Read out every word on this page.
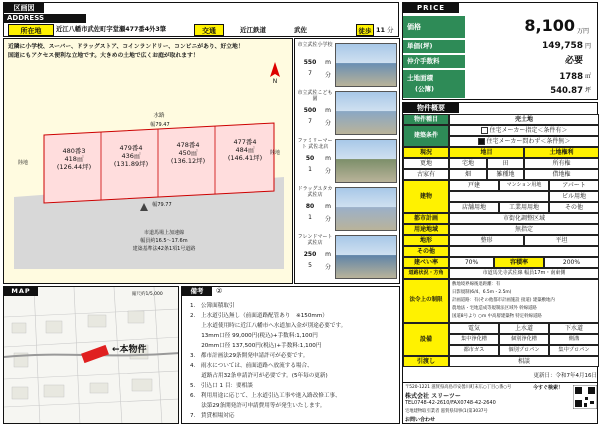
区画図
ADDRESS
所在地	近江八幡市武佐町字堂瀬477番4外3筆	交通	近江鉄道	武佐	徒歩 11 分
PRICE
価格	8,100 万円
単価(坪)	149,758 円
仲介手数料	必要
土地面積
(公簿)
1788 ㎡
540.87 坪
近隣に小学校、スーパー、ドラッグストア、コインランドリー、コンビニがあり、好立地！
国道にもアクセス便利な立地です。大きめの土地で広くお庭が取れます！
N
水路
幅79.47
陸地
陸地
480番3
418㎡
(126.44坪)
479番4
436㎡
(131.89坪)
478番4
450㎡
(136.12坪)
477番4
484㎡
(146.41坪)
幅79.77
市道馬場上加速線
幅員約16.5〜17.6m
建築基準法42条1項1号道路
市立武佐小学校
550	m
7	分
市立武佐こども園
500	m
7	分
ファミリーマート 武佐北店
50	m
1	分
ドラッグユタカ 武佐店
80	m
1	分
フレンドマート 武佐店
250	m
5	分
MAP	縮尺約1/5,000
←本物件
備考	②
1.　公簿面積取引
2.　上水道引込無し（前面道路配管あり　※150mm）
　　上水道使用時に近江八幡市へ水道加入金が別途必要です。
　　13mm口径 99,000円(税込)+手数料:1,100円
　　20mm口径 137,500円(税込)+手数料:1,100円
3.　都市計画法29条開発申請許可が必要です。
4.　雨水については、前面道路へ放流する場合、
　　道路占用32条申請許可が必要です。(5年毎の更新)
5.　引込口 1 目：要相談
6.　利用用途に応じて、上水道引込工事や進入路改修工事、
　　法第29条開発許可申請費用等が発生いたします。
7.　賃貸相場対応
物件概要
物件種目	売土地
建築条件
住宅メーカー指定＜条件有＞
住宅メーカー問わず＜条件無＞
現況	地目	土地権利
更地	宅地	田	所有権
古家有	畑	雑種地	借地権
建物
戸建	マンション用地	アパート
ビル用地
店舗用地	工業用用地	その他
都市計画	市街化調整区域
用途地域	無指定
地形	整形	平坦
その他
建ぺい率	70%	容積率	200%
道路状況・方角	市道馬先寺武佐線 幅員17m・南東側
法令上の制限
敷地境界線後退距離：有
日影規制(6/4、6.5m・2.5m)
計画道路：有(その他都市計画施設 接道) 建築敷地内
農地法・宅地造成等規制法区域外 幹線道路
国道8号より ○m 中高層建築物 特定幹線道路
設備
電気	上水道	下水道
集中浄化槽	個別浄化槽	側溝
都市ガス	個別プロパン	集中プロパン
引渡し	相談
更新日：令和7年4月16日
〒520-1221 滋賀県高島市安曇川町末広○丁目○番○号
株式会社 スリーツー
TEL0748-42-2610/FAX0748-42-2640
宅地建物取引業者 滋賀県知事(1)第3037号
お問い合わせ
今すぐ検索！
